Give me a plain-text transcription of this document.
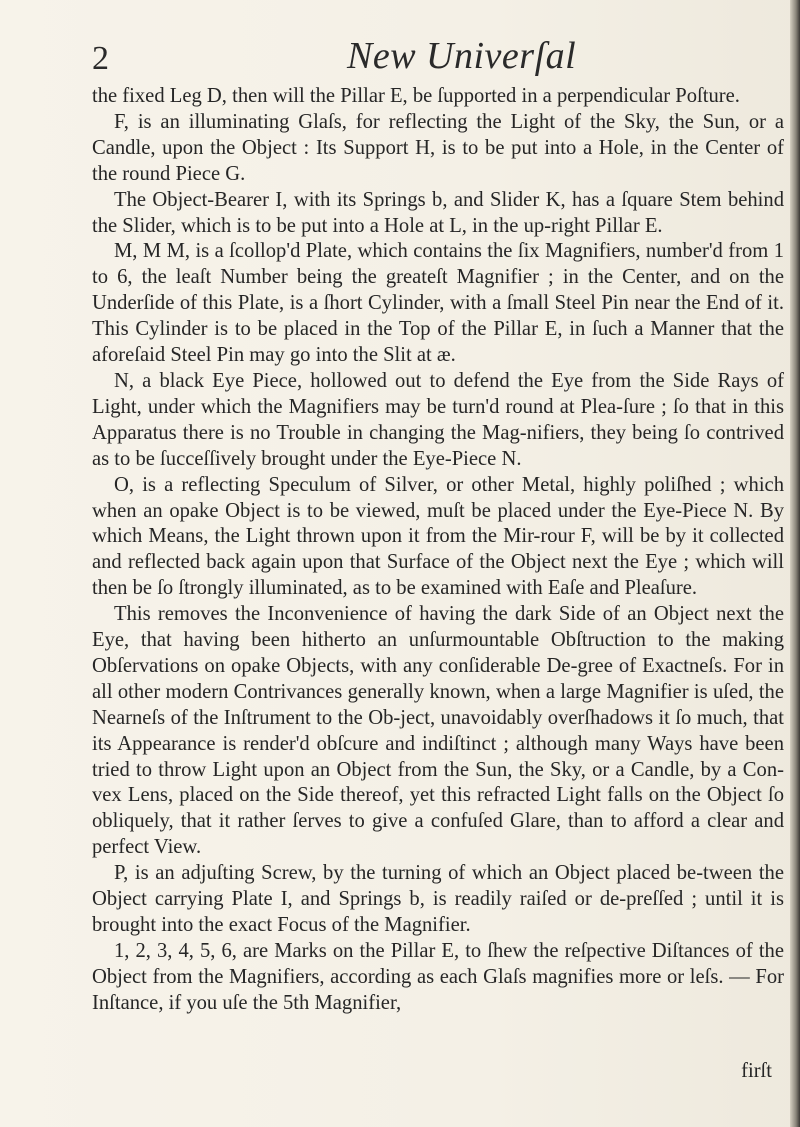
2	New Univerſal

the fixed Leg D, then will the Pillar E, be ſupported in a perpendicular Poſture.

F, is an illuminating Glaſs, for reflecting the Light of the Sky, the Sun, or a Candle, upon the Object : Its Support H, is to be put into a Hole, in the Center of the round Piece G.

The Object-Bearer I, with its Springs b, and Slider K, has a ſquare Stem behind the Slider, which is to be put into a Hole at L, in the up-right Pillar E.

M, M M, is a ſcollop'd Plate, which contains the ſix Magnifiers, number'd from 1 to 6, the leaſt Number being the greateſt Magnifier ; in the Center, and on the Underſide of this Plate, is a ſhort Cylinder, with a ſmall Steel Pin near the End of it. This Cylinder is to be placed in the Top of the Pillar E, in ſuch a Manner that the aforeſaid Steel Pin may go into the Slit at æ.

N, a black Eye Piece, hollowed out to defend the Eye from the Side Rays of Light, under which the Magnifiers may be turn'd round at Plea-ſure ; ſo that in this Apparatus there is no Trouble in changing the Mag-nifiers, they being ſo contrived as to be ſucceſſively brought under the Eye-Piece N.

O, is a reflecting Speculum of Silver, or other Metal, highly poliſhed ; which when an opake Object is to be viewed, muſt be placed under the Eye-Piece N. By which Means, the Light thrown upon it from the Mir-rour F, will be by it collected and reflected back again upon that Surface of the Object next the Eye ; which will then be ſo ſtrongly illuminated, as to be examined with Eaſe and Pleaſure.

This removes the Inconvenience of having the dark Side of an Object next the Eye, that having been hitherto an unſurmountable Obſtruction to the making Obſervations on opake Objects, with any conſiderable De-gree of Exactneſs. For in all other modern Contrivances generally known, when a large Magnifier is uſed, the Nearneſs of the Inſtrument to the Ob-ject, unavoidably overſhadows it ſo much, that its Appearance is render'd obſcure and indiſtinct ; although many Ways have been tried to throw Light upon an Object from the Sun, the Sky, or a Candle, by a Con-vex Lens, placed on the Side thereof, yet this refracted Light falls on the Object ſo obliquely, that it rather ſerves to give a confuſed Glare, than to afford a clear and perfect View.

P, is an adjuſting Screw, by the turning of which an Object placed be-tween the Object carrying Plate I, and Springs b, is readily raiſed or de-preſſed ; until it is brought into the exact Focus of the Magnifier.

1, 2, 3, 4, 5, 6, are Marks on the Pillar E, to ſhew the reſpective Diſtances of the Object from the Magnifiers, according as each Glaſs magnifies more or leſs. — For Inſtance, if you uſe the 5th Magnifier,

firſt
